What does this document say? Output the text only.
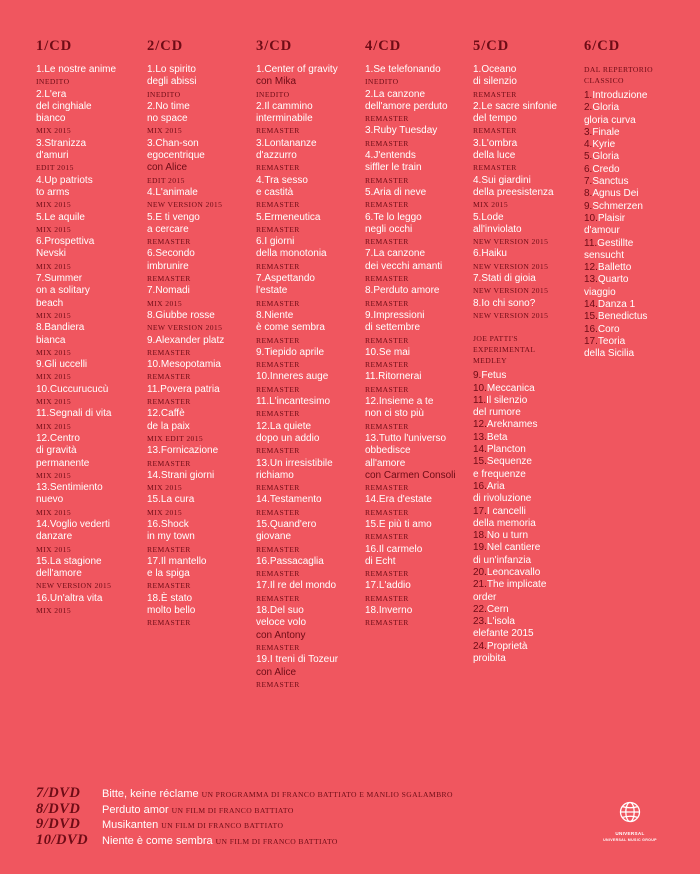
1/CD
1.Le nostre anime
INEDITO
2.L'era
del cinghiale
bianco
MIX 2015
3.Stranizza
d'amuri
EDIT 2015
4.Up patriots
to arms
MIX 2015
5.Le aquile
MIX 2015
6.Prospettiva
Nevski
MIX 2015
7.Summer
on a solitary
beach
MIX 2015
8.Bandiera
bianca
MIX 2015
9.Gli uccelli
MIX 2015
10.Cuccurucucù
MIX 2015
11.Segnali di vita
MIX 2015
12.Centro
di gravità
permanente
MIX 2015
13.Sentimiento
nuevo
MIX 2015
14.Voglio vederti
danzare
MIX 2015
15.La stagione
dell'amore
NEW VERSION 2015
16.Un'altra vita
MIX 2015
2/CD
1.Lo spirito
degli abissi
INEDITO
2.No time
no space
MIX 2015
3.Chan-son
egocentrique
con Alice
EDIT 2015
4.L'animale
NEW VERSION 2015
5.E ti vengo
a cercare
REMASTER
6.Secondo
imbrunire
REMASTER
7.Nomadi
MIX 2015
8.Giubbe rosse
NEW VERSION 2015
9.Alexander platz
REMASTER
10.Mesopotamia
REMASTER
11.Povera patria
REMASTER
12.Caffè
de la paix
MIX EDIT 2015
13.Fornicazione
REMASTER
14.Strani giorni
MIX 2015
15.La cura
MIX 2015
16.Shock
in my town
REMASTER
17.Il mantello
e la spiga
REMASTER
18.È stato
molto bello
REMASTER
3/CD
1.Center of gravity
con Mika
INEDITO
2.Il cammino
interminabile
REMASTER
3.Lontananze
d'azzurro
REMASTER
4.Tra sesso
e castità
REMASTER
5.Ermeneutica
REMASTER
6.I giorni
della monotonia
REMASTER
7.Aspettando
l'estate
REMASTER
8.Niente
è come sembra
REMASTER
9.Tiepido aprile
REMASTER
10.Inneres auge
REMASTER
11.L'incantesimo
REMASTER
12.La quiete
dopo un addio
REMASTER
13.Un irresistibile
richiamo
REMASTER
14.Testamento
REMASTER
15.Quand'ero
giovane
REMASTER
16.Passacaglia
REMASTER
17.Il re del mondo
REMASTER
18.Del suo
veloce volo
con Antony
REMASTER
19.I treni di Tozeur
con Alice
REMASTER
4/CD
1.Se telefonando
INEDITO
2.La canzone
dell'amore perduto
REMASTER
3.Ruby Tuesday
REMASTER
4.J'entends
siffler le train
REMASTER
5.Aria di neve
REMASTER
6.Te lo leggo
negli occhi
REMASTER
7.La canzone
dei vecchi amanti
REMASTER
8.Perduto amore
REMASTER
9.Impressioni
di settembre
REMASTER
10.Se mai
REMASTER
11.Ritornerai
REMASTER
12.Insieme a te
non ci sto più
REMASTER
13.Tutto l'universo
obbedisce
all'amore
con Carmen Consoli
REMASTER
14.Era d'estate
REMASTER
15.E più ti amo
REMASTER
16.Il carmelo
di Echt
REMASTER
17.L'addio
REMASTER
18.Inverno
REMASTER
5/CD
1.Oceano
di silenzio
REMASTER
2.Le sacre sinfonie
del tempo
REMASTER
3.L'ombra
della luce
REMASTER
4.Sui giardini
della preesistenza
MIX 2015
5.Lode
all'inviolato
NEW VERSION 2015
6.Haiku
NEW VERSION 2015
7.Stati di gioia
NEW VERSION 2015
8.Io chi sono?
NEW VERSION 2015
JOE PATTI'S
EXPERIMENTAL
MEDLEY
9.Fetus
10.Meccanica
11.Il silenzio
del rumore
12.Areknames
13.Beta
14.Plancton
15.Sequenze
e frequenze
16.Aria
di rivoluzione
17.I cancelli
della memoria
18.No u turn
19.Nel cantiere
di un'infanzia
20.Leoncavallo
21.The implicate
order
22.Cern
23.L'isola
elefante 2015
24.Proprietà
proibita
6/CD
DAL REPERTORIO
CLASSICO
1.Introduzione
2.Gloria
gloria curva
3.Finale
4.Kyrie
5.Gloria
6.Credo
7.Sanctus
8.Agnus Dei
9.Schmerzen
10.Plaisir
d'amour
11.Gestillte
sensucht
12.Balletto
13.Quarto
viaggio
14.Danza 1
15.Benedictus
16.Coro
17.Teoria
della Sicilia
7/DVD Bitte, keine réclame UN PROGRAMMA DI FRANCO BATTIATO E MANLIO SGALAMBRO
8/DVD Perduto amor UN FILM DI FRANCO BATTIATO
9/DVD Musikanten UN FILM DI FRANCO BATTIATO
10/DVD Niente è come sembra UN FILM DI FRANCO BATTIATO
UNIVERSAL
UNIVERSAL MUSIC GROUP
